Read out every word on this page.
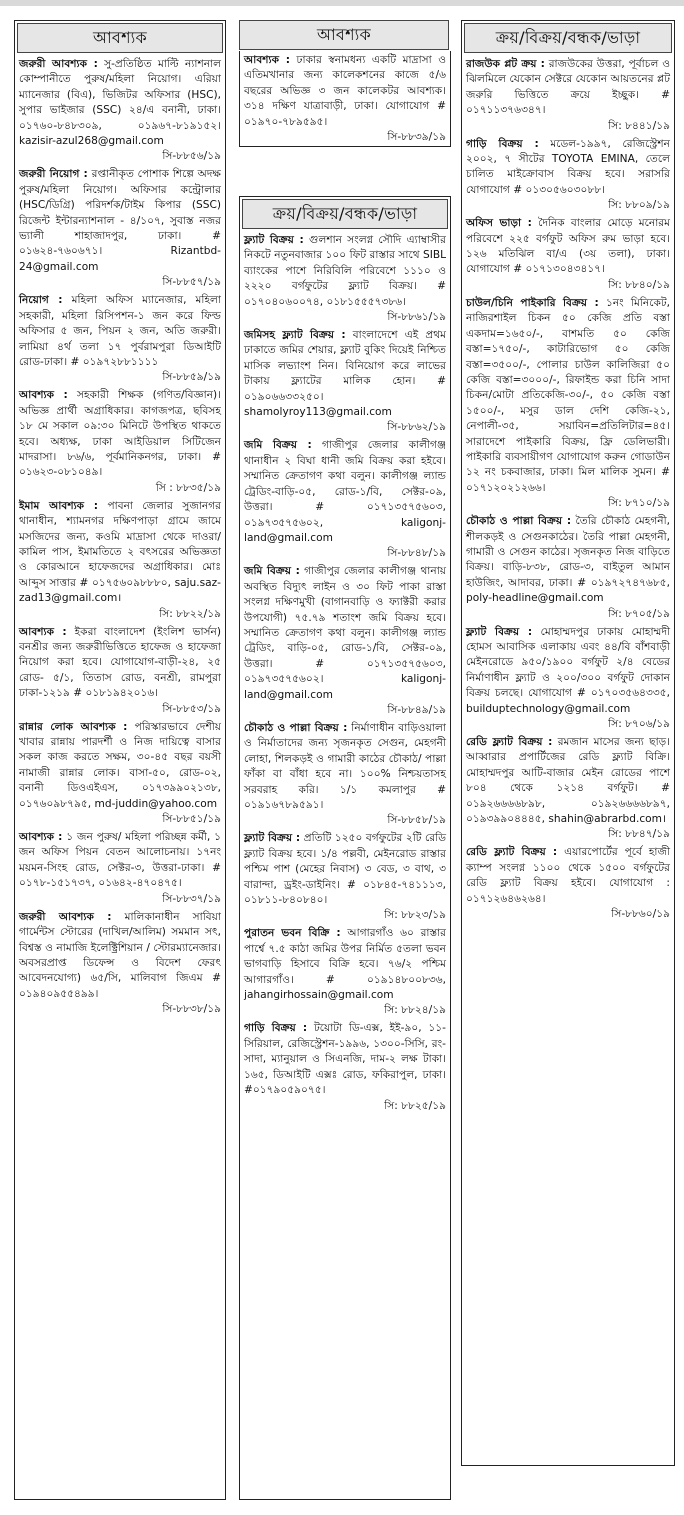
আবশ্যক
জরুরী আবশ্যক : সু-প্রতিষ্ঠিত মাল্টি ন্যাশনাল কোম্পানীতে পুরুষ/মহিলা নিয়োগ। এরিয়া ম্যানেজার (বিএ), ভিজিটর অফিসার (HSC), সুপার ভাইজার (SSC) ২৪/এ বনানী, ঢাকা। ০১৭৬০-৮৪৮৩০৯, ০১৯৬৭-৮১৯১৫২। kazisir-azul268@gmail.com
সি-৮৮৫৬/১৯
জরুরী নিয়োগ : রপ্তানীকৃত পোশাক শিল্পে অদক্ষ পুরুষ/মহিলা নিয়োগ। অফিসার কন্ট্রোলার (HSC/ডিগ্রি) পরিদর্শক/টাইম কিপার (SSC) রিজেন্ট ইন্টারন্যাশনাল - ৪/১০৭, সুবাস্ত নজর ভ্যালী শাহাজাদপুর, ঢাকা। # ০১৬২৪-৭৬০৬৭১। Rizantbd-24@gmail.com
সি-৮৮৫৭/১৯
নিয়োগ : মহিলা অফিস ম্যানেজার, মহিলা সহকারী, মহিলা রিসিপশন-১ জন করে ফিল্ড অফিসার ৫ জন, পিয়ন ২ জন, অতি জরুরী। লামিয়া ৪র্থ তলা ১৭ পুর্বরামপুরা ডিআইটি রোড-ঢাকা। # ০১৯৭২৮৮১১১১
সি-৮৮৫৯/১৯
আবশ্যক : সহকারী শিক্ষক (গণিত/বিজ্ঞান)। অভিজ্ঞ প্রার্থী অগ্রাধিকার। কাগজপত্র, ছবিসহ ১৮ মে সকাল ০৯:৩০ মিনিটে উপস্থিত থাকতে হবে। অধ্যক্ষ, ঢাকা আইডিয়াল সিটিজেন মাদরাসা। ৮৬/৬, পূর্বমানিকনগর, ঢাকা। # ০১৬২৩-০৮১০৪৯।
সি : ৮৮৩৫/১৯
ইমাম আবশ্যক : পাবনা জেলার সুজানগর থানাধীন, শ্যামনগর দক্ষিণপাড়া গ্রামে জামে মসজিদের জন্য, কওমি মাদ্রাসা থেকে দাওরা/ কামিল পাস, ইমামতিতে ২ বৎসরের অভিজ্ঞতা ও কোরআনে হাফেজদের অগ্রাধিকার। মোঃ আব্দুস সাত্তার # ০১৭৫৬০৯৮৮৮০, saju.saz-zad13@gmail.com।
সি: ৮৮২২/১৯
আবশ্যক : ইকরা বাংলাদেশ (ইংলিশ ভার্সন) বনশ্রীর জন্য জরুরীভিত্তিতে হাফেজ ও হাফেজা নিয়োগ করা হবে। যোগাযোগ-বাড়ী-২৪, ২৫ রোড- ৫/১, তিতাস রোড, বনশ্রী, রামপুরা ঢাকা-১২১৯ # ০১৮১৯৪২০১৬।
সি-৮৮৫৩/১৯
রান্নার লোক আবশ্যক : পরিস্কারভাবে দেশীয় খাবার রান্নায় পারদর্শী ও নিজ দায়িত্বে বাসার সকল কাজ করতে সক্ষম, ৩০-৪৫ বছর বয়সী নামাজী রান্নার লোক। বাসা-৫০, রোড-০২, বনানী ডিওএইএস, ০১৭৩৯৯০২১৩৮, ০১৭৬০৯৮৭৯৫, md-juddin@yahoo.com
সি-৮৮৫১/১৯
আবশ্যক : ১ জন পুরুষ/ মহিলা পরিচ্ছন্ন কর্মী, ১ জন অফিস পিয়ন বেতন আলোচনায়। ১৭নং ময়মন-সিংহ রোড, সেক্টর-৩, উত্তরা-ঢাকা। # ০১৭৮-১৫১৭৩৭, ০১৬৪২-৪৭০৪৭৫।
সি-৮৮৩৭/১৯
জরুরী আবশ্যক : মালিকানাধীন সাবিয়া গার্মেন্টস স্টোরের (দাখিল/আলিম) সমমান সৎ, বিশ্বস্ত ও নামাজি ইলেক্ট্রিশিয়ান / স্টোরম্যানেজার। অবসরপ্রাপ্ত ডিফেন্স ও বিদেশ ফেরৎ আবেদনযোগ্য) ৬৫/সি, মালিবাগ জিএম # ০১৯৪০৯৫৫৪৯৯।
সি-৮৮৩৮/১৯
আবশ্যক
আবশ্যক : ঢাকার স্বনামধন্য একটি মাদ্রাসা ও এতিমখানার জন্য কালেকশনের কাজে ৫/৬ বছরের অভিজ্ঞ ৩ জন কালেকটর আবশ্যক। ৩১৪ দক্ষিণ যাত্রাবাড়ী, ঢাকা। যোগাযোগ # ০১৯৭০-৭৮৯৫৯৫।
সি-৮৮৩৯/১৯
ক্রয়/বিক্রয়/বন্ধক/ভাড়া
ফ্ল্যাট বিক্রয় : গুলশান সংলগ্ন সৌদি এ্যাম্বাসীর নিকটে নতুনবাজার ১০০ ফিট রাস্তার সাথে SIBL ব্যাংকের পাশে নিরিবিলি পরিবেশে ১১১০ ও ২২২০ বর্গফুটের ফ্ল্যাট বিক্রয়। # ০১৭০৪০৬০০৭৪, ০১৮১৫৫৫৭৩৮৬।
সি-৮৮৬১/১৯
জমিসহ ফ্ল্যাট বিক্রয় : বাংলাদেশে এই প্রথম ঢাকাতে জমির শেয়ার, ফ্ল্যাট বুকিং দিয়েই নিশ্চিত মাসিক লভ্যাংশ নিন। বিনিয়োগ করে লাভের টাকায় ফ্ল্যাটের মালিক হোন। # ০১৯০৬৬৩৩২৫০। shamolyroy113@gmail.com
সি-৮৮৬২/১৯
জমি বিক্রয় : গাজীপুর জেলার কালীগঞ্জ থানাধীন ২ বিঘা ধানী জমি বিক্রয় করা হইবে। সম্মানিত ক্রেতাগণ কথা বলুন। কালীগঞ্জ ল্যান্ড ট্রেডিং-বাড়ি-০৫, রোড-১/বি, সেক্টর-০৯, উত্তরা। # ০১৭১৩৫৭৫৬০৩, ০১৯৭৩৫৭৫৬০২, kaligonj-land@gmail.com
সি-৮৮৪৮/১৯
জমি বিক্রয় : গাজীপুর জেলার কালীগঞ্জ থানায় অবস্থিত বিদ্যুৎ লাইন ও ৩০ ফিট পাকা রাস্তা সংলগ্ন দক্ষিণমুখী (বাগানবাড়ি ও ফ্যাক্টরী করার উপযোগী) ৭৫.৭৯ শতাংশ জমি বিক্রয় হবে। সম্মানিত ক্রেতাগণ কথা বলুন। কালীগঞ্জ ল্যান্ড ট্রেডিং, বাড়ি-০৫, রোড-১/বি, সেক্টর-০৯, উত্তরা। # ০১৭১৩৫৭৫৬০৩, ০১৯৭৩৫৭৫৬০২। kaligonj-land@gmail.com
সি-৮৮৪৯/১৯
চৌকাঠ ও পাল্লা বিক্রয় : নির্মাণাধীন বাড়িওয়ালা ও নির্মাতাদের জন্য সৃজনকৃত সেগুন, মেহগনী লোহা, শিলকড়ই ও গামারী কাঠের চৌকাঠ/ পাল্লা ফাঁকা বা বাঁধা হবে না। ১০০% নিশ্চয়তাসহ সরবরাহ করি। ১/১ কমলাপুর # ০১৯১৬৭৮৯৫৯১।
সি-৮৮৫৮/১৯
ফ্ল্যাট বিক্রয় : প্রতিটি ১২৫০ বর্গফুটের ২টি রেডি ফ্ল্যাট বিক্রয় হবে। ১/৪ পল্লবী, মেইনরোড রাস্তার পশ্চিম পাশ (মেহের নিবাস) ৩ বেড, ৩ বাথ, ৩ বারান্দা, ড্রইং-ডাইনিং। # ০১৮৪৫-৭৪১১১৩, ০১৮১১-৮৪০৮৪০।
সি: ৮৮২৩/১৯
পুরাতন ভবন বিক্রি : আগারগাঁও ৬০ রাস্তার পার্শ্বে ৭.৫ কাঠা জমির উপর নির্মিত ৫তলা ভবন ভাগবাড়ি হিসাবে বিক্রি হবে। ৭৬/২ পশ্চিম আগারগাঁও। # ০১৯১৪৮০০৮৩৬, jahangirhossain@gmail.com
সি: ৮৮২৪/১৯
গাড়ি বিক্রয় : টয়োটা ডি-এক্স, ইই-৯০, ১১-সিরিয়াল, রেজিস্ট্রেশন-১৯৯৬, ১৩০০-সিসি, রং-সাদা, ম্যানুয়াল ও সিএনজি, দাম-২ লক্ষ টাকা। ১৬৫, ডিআইটি এক্সঃ রোড, ফকিরাপুল, ঢাকা। #০১৭৯০৫৯০৭৫।
সি: ৮৮২৫/১৯
ক্রয়/বিক্রয়/বন্ধক/ভাড়া
রাজউক প্লট ক্রয় : রাজউকের উত্তরা, পূর্বাচল ও ঝিলমিলে যেকোন সেক্টরে যেকোন আয়তনের প্লট জরুরি ভিত্তিতে ক্রয়ে ইচ্ছুক। # ০১৭১১৩৭৬৩৪৭।
সি: ৮৪৪১/১৯
গাড়ি বিক্রয় : মডেল-১৯৯৭, রেজিস্ট্রেশন ২০০২, ৭ সীটের TOYOTA EMINA, তেলে চালিত মাইক্রোবাস বিক্রয় হবে। সরাসরি যোগাযোগ # ০১৩০৫৬০৩০৮৮।
সি: ৮৮০৯/১৯
অফিস ভাড়া : দৈনিক বাংলার মোড়ে মনোরম পরিবেশে ২২৫ বর্গফুট অফিস রুম ভাড়া হবে। ১২৬ মতিঝিল বা/এ (৩য় তলা), ঢাকা। যোগাযোগ # ০১৭১৩০৪৩৪১৭।
সি: ৮৮৪০/১৯
চাউল/চিনি পাইকারি বিক্রয় : ১নং মিনিকেট, নাজিরশাইল চিকন ৫০ কেজি প্রতি বস্তা একদাম=১৬৫০/-, বাশমতি ৫০ কেজি বস্তা=১৭৫০/-, কাটারিভোগ ৫০ কেজি বস্তা=৩৫০০/-, পোলার চাউল কালিজিরা ৫০ কেজি বস্তা=৩০০০/-, রিফাইন্ড করা চিনি সাদা চিকন/মোটা প্রতিকেজি-৩০/-, ৫০ কেজি বস্তা ১৫০০/-, মসুর ডাল দেশি কেজি-২১, নেপালী-৩৫, সয়াবিন=প্রতিলিটার=৪৫। সারাদেশে পাইকারি বিক্রয়, ফ্রি ডেলিভারী। পাইকারি ব্যবসায়ীগণ যোগাযোগ করুন গোডাউন ১২ নং চকবাজার, ঢাকা। মিল মালিক সুমন। # ০১৭১২০২১২৬৬।
সি: ৮৭১০/১৯
চৌকাঠ ও পাল্লা বিক্রয় : তৈরি চৌকাঠ মেহগনী, শীলকড়ই ও সেগুনকাঠের। তৈরি পাল্লা মেহগনী, গামারী ও সেগুন কাঠের। সৃজনকৃত নিজ বাড়িতে বিক্রয়। বাড়ি-৮৩৮, রোড-৩, বাইতুল আমান হাউজিং, আদাবর, ঢাকা। # ০১৯৭২৭৪৭৬৮৫, poly-headline@gmail.com
সি: ৮৭০৫/১৯
ফ্ল্যাট বিক্রয় : মোহাম্মদপুর ঢাকায় মোহাম্মদী হোমস আবাসিক এলাকায় এবং ৪৪/বি বাঁশবাড়ী মেইনরোডে ৯৫০/১৯০০ বর্গফুট ২/৪ বেডের নির্মাণাধীন ফ্ল্যাট ও ২০০/৩০০ বর্গফুট দোকান বিক্রয় চলছে। যোগাযোগ # ০১৭০৩৫৬৪৩৩৫, builduptechnology@gmail.com
সি: ৮৭০৬/১৯
রেডি ফ্ল্যাট বিক্রয় : রমজান মাসের জন্য ছাড়। আব্বারার প্রপার্টিজের রেডি ফ্ল্যাট বিক্রি। মোহাম্মদপুর আটি-বাজার মেইন রোডের পাশে ৮০৪ থেকে ১২১৪ বর্গফুট। # ০১৯২৬৬৬৬৮৯৮, ০১৯২৬৬৬৬৮৯৭, ০১৯৩৯৯০৪৪৪৫, shahin@abrarbd.com।
সি: ৮৮৪৭/১৯
রেডি ফ্ল্যাট বিক্রয় : এয়ারপোর্টের পূর্বে হাজী ক্যাম্প সংলগ্ন ১১০০ থেকে ১৫০০ বর্গফুটের রেডি ফ্ল্যাট বিক্রয় হইবে। যোগাযোগ : ০১৭১২৬৪৬২৬৪।
সি-৮৮৬০/১৯
